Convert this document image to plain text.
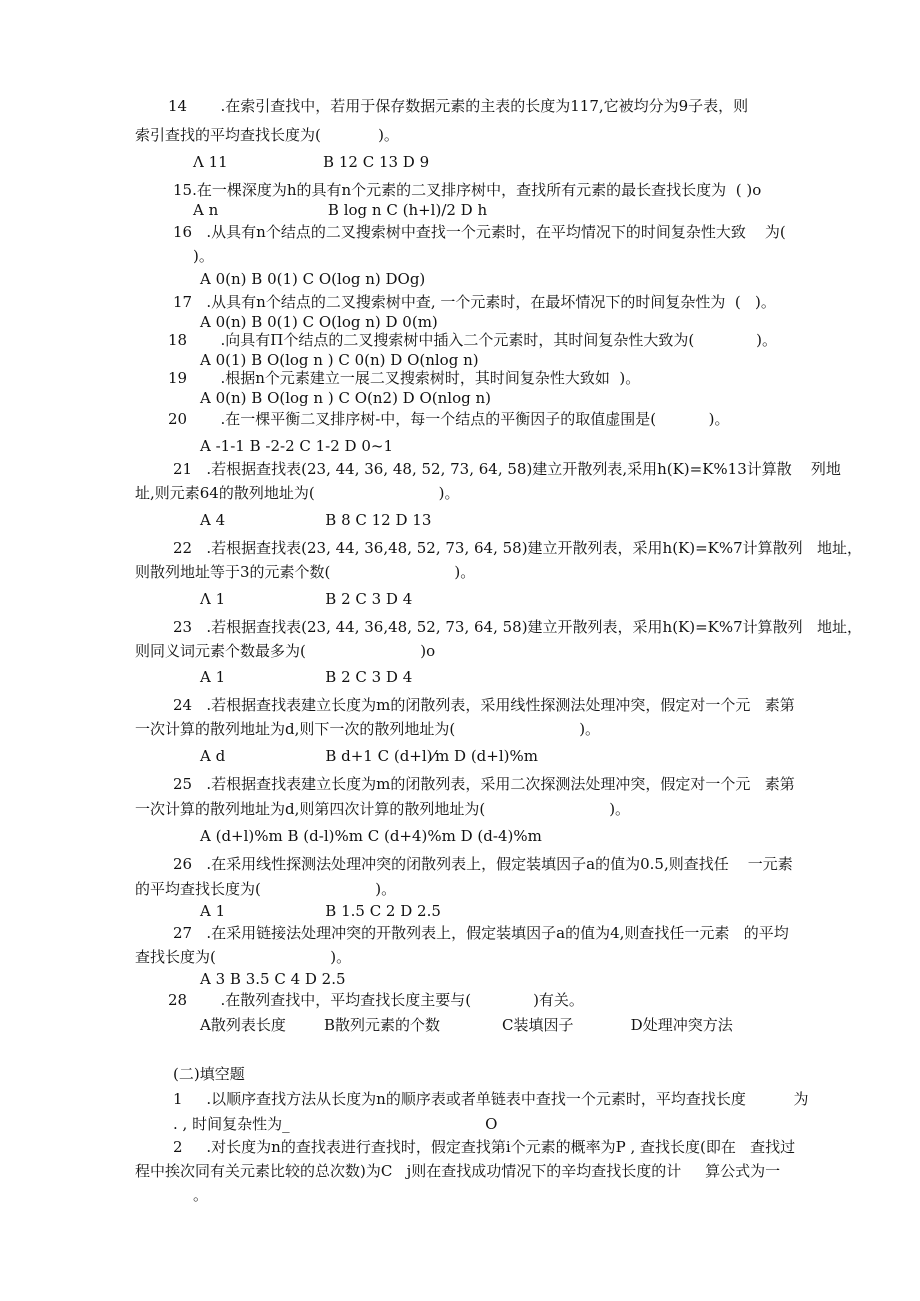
14       .在索引查找中，若用于保存数据元素的主表的长度为117,它被均分为9子表，则
索引查找的平均查找长度为(            )。
Λ 11                    B 12 C 13 D 9
15.在一棵深度为h的具有n个元素的二叉排序树中，查找所有元素的最长查找长度为  ( )o
A n                       B log n C (h+l)/2 D h
16   .从具有n个结点的二叉搜索树中查找一个元素时，在平均情况下的时间复杂性大致    为(
)。
A 0(n) B 0(1) C O(log n) DOg)
17   .从具有n个结点的二叉搜索树中查, 一个元素时，在最坏情况下的时间复杂性为  (   )。
A 0(n) B 0(1) C O(log n) D 0(m)
18       .向具有Π个结点的二叉搜索树中插入二个元素时，其时间复杂性大致为(             )。
A 0(1) B O(log n ) C 0(n) D O(nlog n)
19       .根据n个元素建立一展二叉搜索树时，其时间复杂性大致如  )。
A 0(n) B O(log n ) C O(n2) D O(nlog n)
20       .在一棵平衡二叉排序树-中，每一个结点的平衡因子的取值虚围是(           )。
A -1-1 B -2-2 C 1-2 D 0~1
21   .若根据查找表(23, 44, 36, 48, 52, 73, 64, 58)建立开散列表,采用h(K)=K%13计算散    列地
址,则元素64的散列地址为(                          )。
A 4                     B 8 C 12 D 13
22   .若根据查找表(23, 44, 36,48, 52, 73, 64, 58)建立开散列表，采用h(K)=K%7计算散列   地址，
则散列地址等于3的元素个数(                          )。
Λ 1                     B 2 C 3 D 4
23   .若根据查找表(23, 44, 36,48, 52, 73, 64, 58)建立开散列表，采用h(K)=K%7计算散列   地址，
则同义词元素个数最多为(                        )o
A 1                     B 2 C 3 D 4
24   .若根据查找表建立长度为m的闭散列表，采用线性探测法处理冲突，假定对一个元   素第
一次计算的散列地址为d,则下一次的散列地址为(                          )。
A d                     B d+1 C (d+l)⁄m D (d+l)%m
25   .若根据查找表建立长度为m的闭散列表，采用二次探测法处理冲突，假定对一个元   素第
一次计算的散列地址为d,则第四次计算的散列地址为(                          )。
A (d+l)%m B (d-l)%m C (d+4)%m D (d-4)%m
26   .在采用线性探测法处理冲突的闭散列表上，假定装填因子a的值为0.5,则查找任    一元素
的平均查找长度为(                        )。
A 1                     B 1.5 C 2 D 2.5
27   .在采用链接法处理冲突的开散列表上，假定装填因子a的值为4,则查找任一元素   的平均
查找长度为(                        )。
A 3 B 3.5 C 4 D 2.5
28       .在散列查找中，平均查找长度主要与(             )有关。
A散列表长度        B散列元素的个数             C装填因子            D处理冲突方法
(二)填空题
1     .以顺序查找方法从长度为n的顺序表或者单链表中查找一个元素时，平均查找长度          为
. , 时间复杂性为_                                         O
2     .对长度为n的查找表进行查找时，假定查找第i个元素的概率为P , 查找长度(即在   查找过
程中挨次同有关元素比较的总次数)为C   j则在查找成功情况下的辛均查找长度的计     算公式为一
。
